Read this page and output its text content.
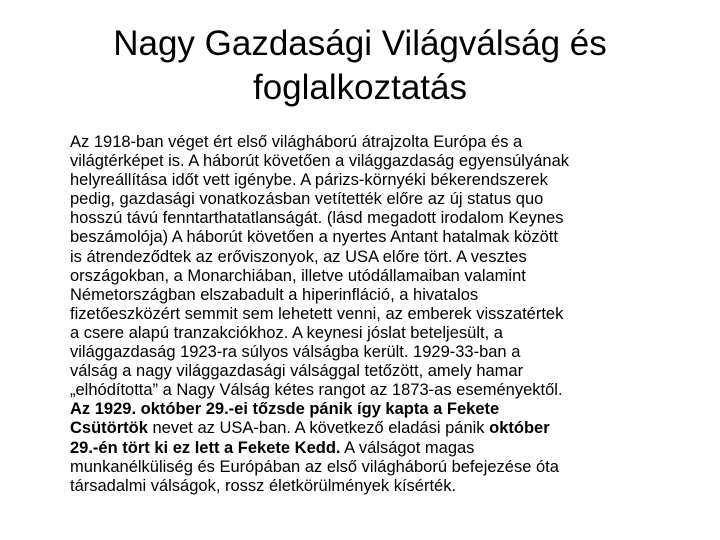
Nagy Gazdasági Világválság és
foglalkoztatás
Az 1918-ban véget ért első világháború átrajzolta Európa és a
világtérképet is. A háborút követően a világgazdaság egyensúlyának
helyreállítása időt vett igénybe. A párizs-környéki békerendszerek
pedig, gazdasági vonatkozásban vetítették előre az új status quo
hosszú távú fenntarthatatlanságát. (lásd megadott irodalom Keynes
beszámolója) A háborút követően a nyertes Antant hatalmak között
is átrendeződtek az erőviszonyok, az USA előre tört. A vesztes
országokban, a Monarchiában, illetve utódállamaiban valamint
Németországban elszabadult a hiperinfláció, a hivatalos
fizetőeszközért semmit sem lehetett venni, az emberek visszatértek
a csere alapú tranzakciókhoz. A keynesi jóslat beteljesült, a
világgazdaság 1923-ra súlyos válságba került. 1929-33-ban a
válság a nagy világgazdasági válsággal tetőzött, amely hamar
„elhódította” a Nagy Válság kétes rangot az 1873-as eseményektől.
Az 1929. október 29.-ei tőzsde pánik így kapta a Fekete
Csütörtök nevet az USA-ban. A következő eladási pánik október
29.-én tört ki ez lett a Fekete Kedd. A válságot magas
munkanélküliség és Európában az első világháború befejezése óta
társadalmi válságok, rossz életkörülmények kísérték.
